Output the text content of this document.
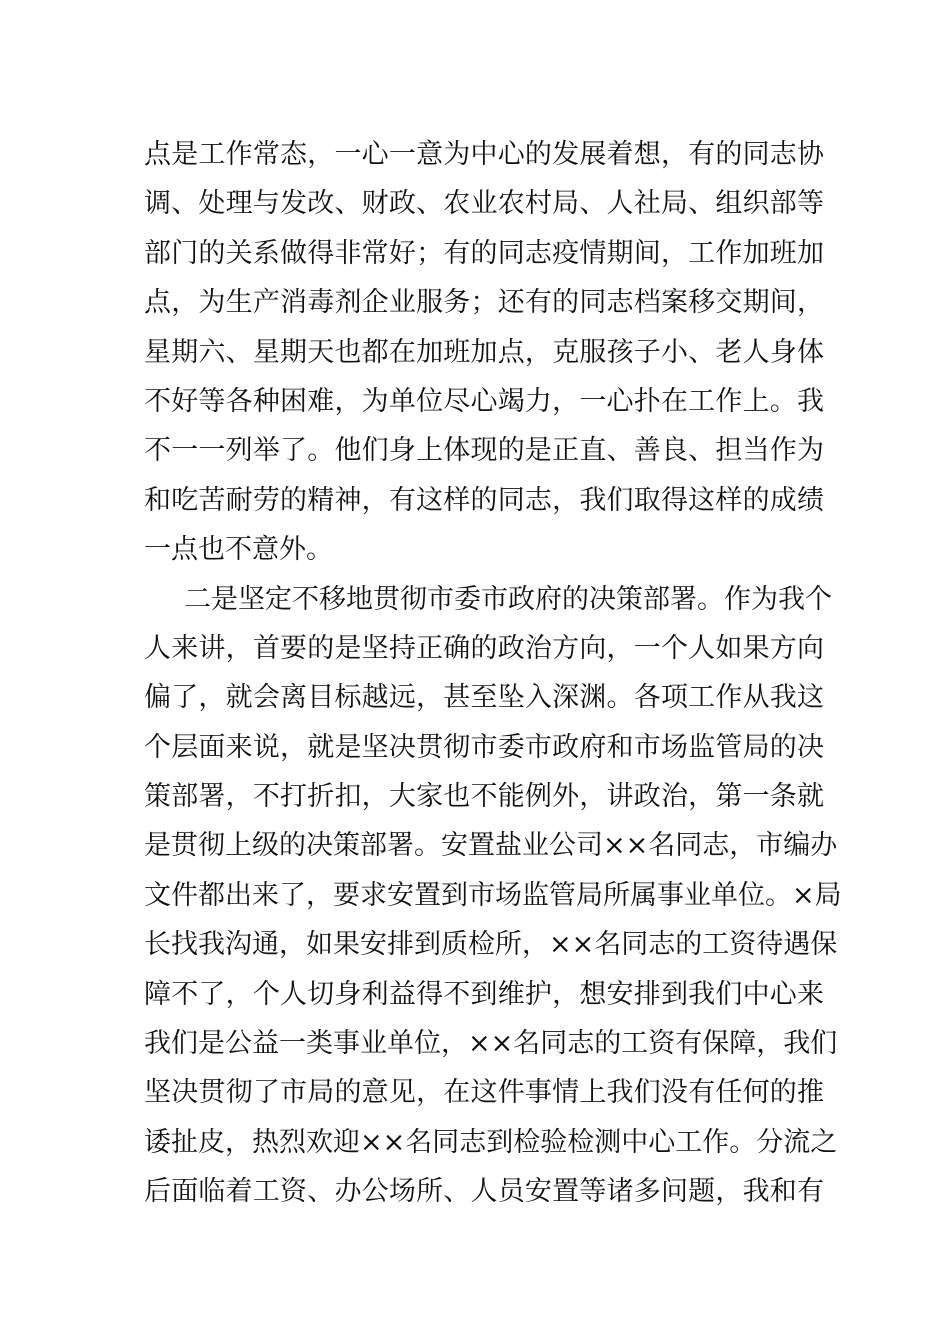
点是工作常态，一心一意为中心的发展着想，有的同志协
调、处理与发改、财政、农业农村局、人社局、组织部等
部门的关系做得非常好；有的同志疫情期间，工作加班加
点，为生产消毒剂企业服务；还有的同志档案移交期间，
星期六、星期天也都在加班加点，克服孩子小、老人身体
不好等各种困难，为单位尽心竭力，一心扑在工作上。我
不一一列举了。他们身上体现的是正直、善良、担当作为
和吃苦耐劳的精神，有这样的同志，我们取得这样的成绩
一点也不意外。
二是坚定不移地贯彻市委市政府的决策部署。作为我个
人来讲，首要的是坚持正确的政治方向，一个人如果方向
偏了，就会离目标越远，甚至坠入深渊。各项工作从我这
个层面来说，就是坚决贯彻市委市政府和市场监管局的决
策部署，不打折扣，大家也不能例外，讲政治，第一条就
是贯彻上级的决策部署。安置盐业公司××名同志，市编办
文件都出来了，要求安置到市场监管局所属事业单位。×局
长找我沟通，如果安排到质检所，××名同志的工资待遇保
障不了，个人切身利益得不到维护，想安排到我们中心来
我们是公益一类事业单位，××名同志的工资有保障，我们
坚决贯彻了市局的意见，在这件事情上我们没有任何的推
诿扯皮，热烈欢迎××名同志到检验检测中心工作。分流之
后面临着工资、办公场所、人员安置等诸多问题，我和有
